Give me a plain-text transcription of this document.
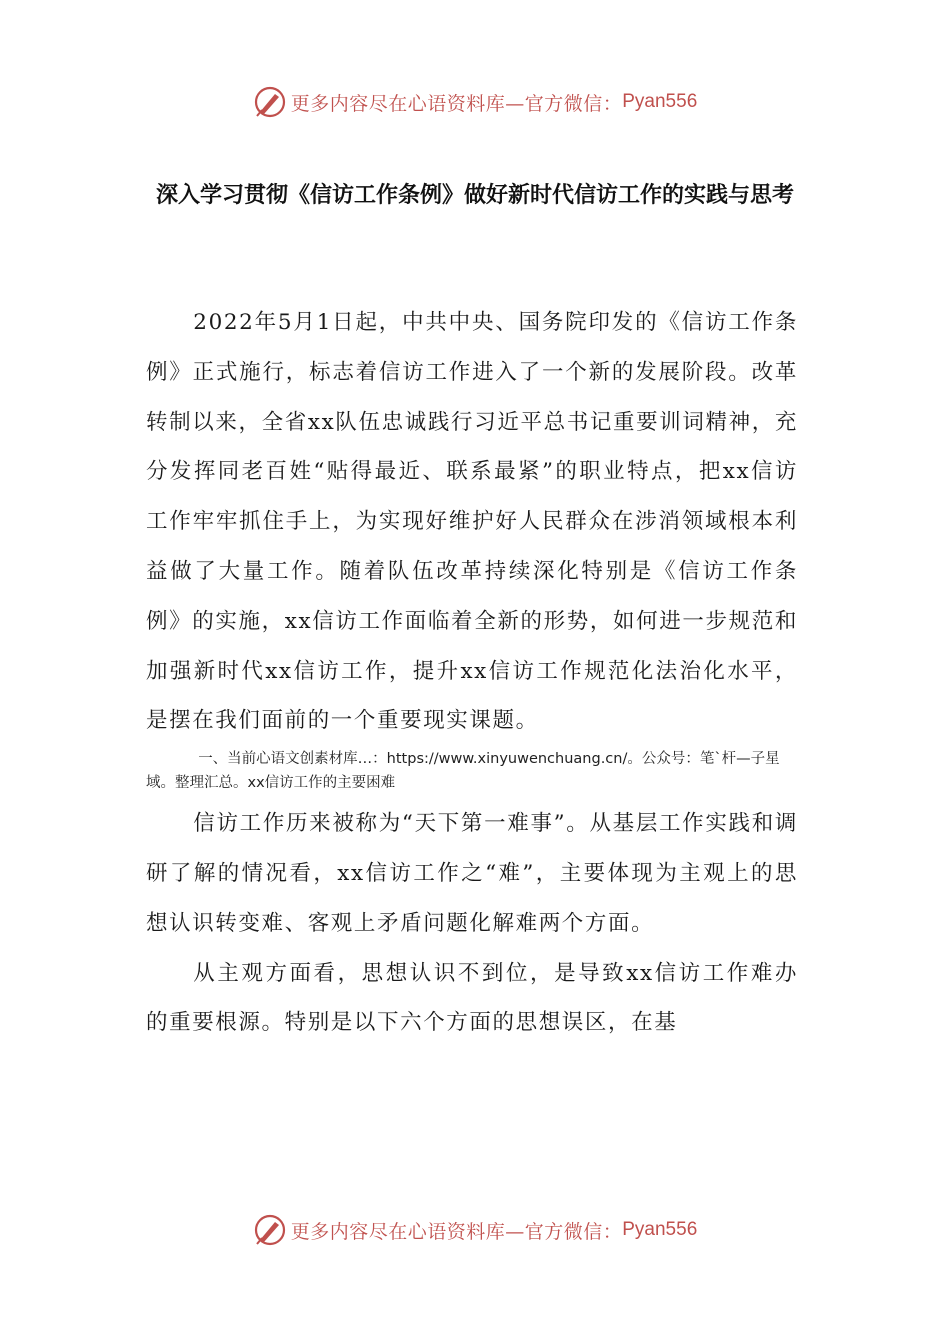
更多内容尽在心语资料库—官方微信： Pyan556
深入学习贯彻《信访工作条例》做好新时代信访工作的实践与思考

2022年5月1日起，中共中央、国务院印发的《信访工作条例》正式施行，标志着信访工作进入了一个新的发展阶段。改革转制以来，全省xx队伍忠诚践行习近平总书记重要训词精神，充分发挥同老百姓“贴得最近、联系最紧”的职业特点，把xx信访工作牢牢抓住手上，为实现好维护好人民群众在涉消领域根本利益做了大量工作。随着队伍改革持续深化特别是《信访工作条例》的实施，xx信访工作面临着全新的形势，如何进一步规范和加强新时代xx信访工作，提升xx信访工作规范化法治化水平，是摆在我们面前的一个重要现实课题。

一、当前心语文创素材库…：https://www.xinyuwenchuang.cn/。公众号：笔`杆—子星域。整理汇总。xx信访工作的主要困难

信访工作历来被称为“天下第一难事”。从基层工作实践和调研了解的情况看，xx信访工作之“难”，主要体现为主观上的思想认识转变难、客观上矛盾问题化解难两个方面。

从主观方面看，思想认识不到位，是导致xx信访工作难办的重要根源。特别是以下六个方面的思想误区，在基

更多内容尽在心语资料库—官方微信： Pyan556
